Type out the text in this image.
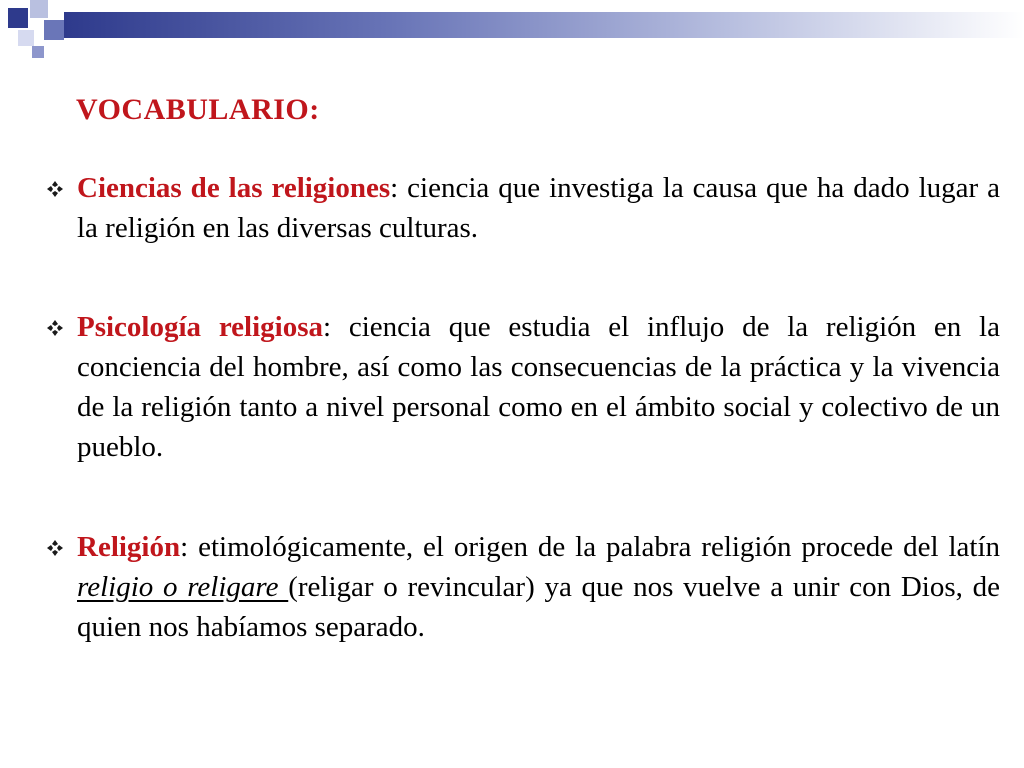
VOCABULARIO:
Ciencias de las religiones: ciencia que investiga la causa que ha dado lugar a la religión en las diversas culturas.
Psicología religiosa: ciencia que estudia el influjo de la religión en la conciencia del hombre, así como las consecuencias de la práctica y la vivencia de la religión tanto a nivel personal como en el ámbito social y colectivo de un pueblo.
Religión: etimológicamente, el origen de la palabra religión procede del latín religio o religare (religar o revincular) ya que nos vuelve a unir con Dios, de quien nos habíamos separado.
